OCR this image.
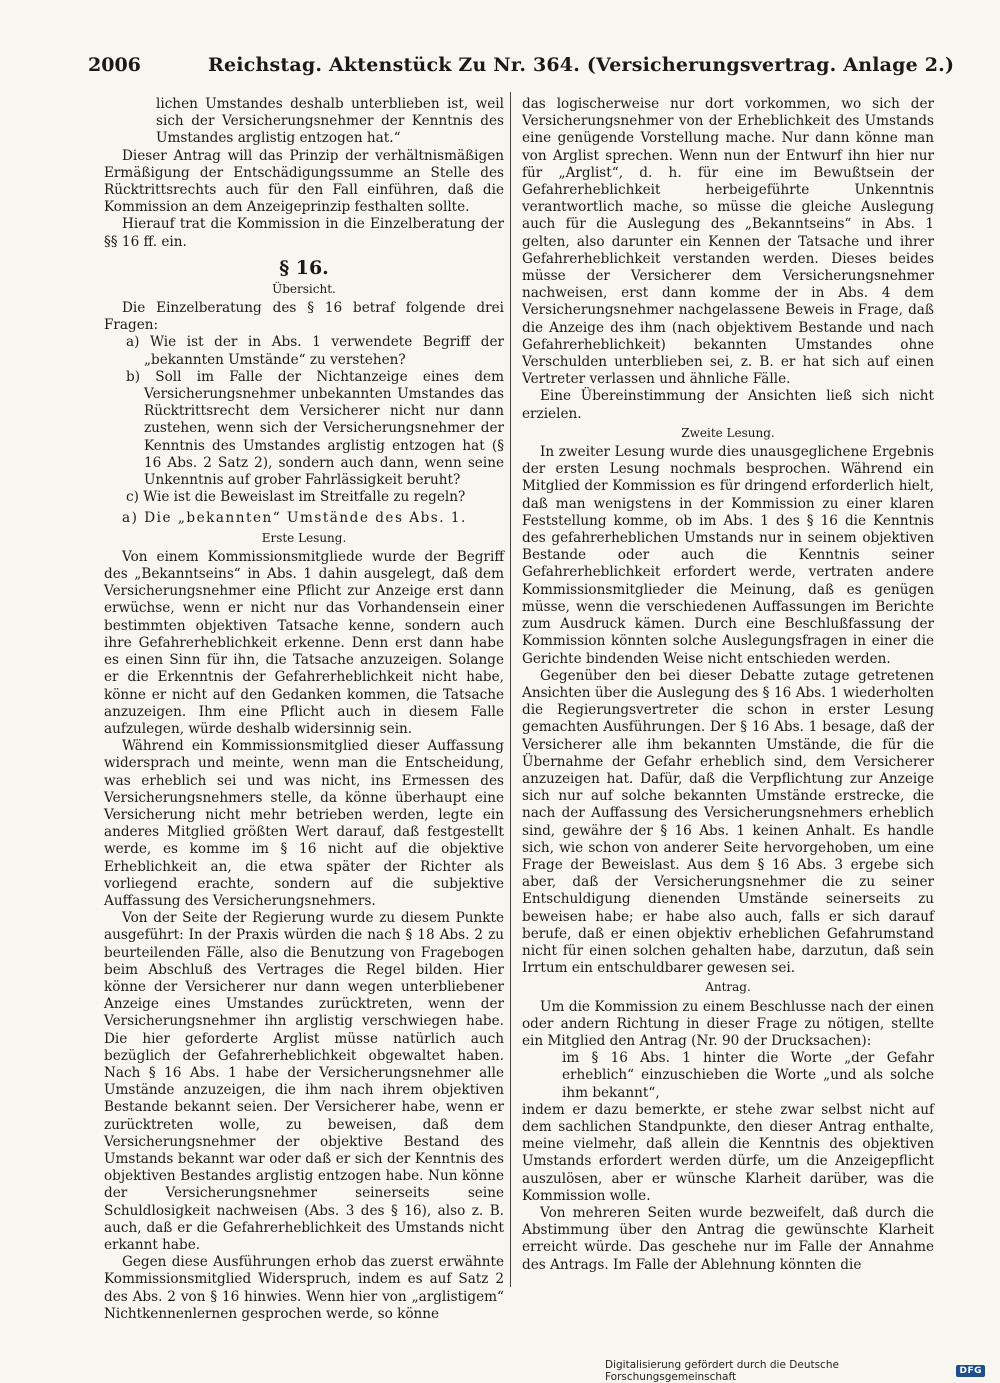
2006	Reichstag. Aktenstück Zu Nr. 364. (Versicherungsvertrag. Anlage 2.)

lichen Umstandes deshalb unterblieben ist, weil sich der Versicherungsnehmer der Kenntnis des Umstandes arglistig entzogen hat.“

Dieser Antrag will das Prinzip der verhältnismäßigen Ermäßigung der Entschädigungssumme an Stelle des Rücktrittsrechts auch für den Fall einführen, daß die Kommission an dem Anzeigeprinzip festhalten sollte.

Hierauf trat die Kommission in die Einzelberatung der §§ 16 ff. ein.

§ 16.
Übersicht.

Die Einzelberatung des § 16 betraf folgende drei Fragen:

a) Wie ist der in Abs. 1 verwendete Begriff der „bekannten Umstände“ zu verstehen?
b) Soll im Falle der Nichtanzeige eines dem Versicherungsnehmer unbekannten Umstandes das Rücktrittsrecht dem Versicherer nicht nur dann zustehen, wenn sich der Versicherungsnehmer der Kenntnis des Umstandes arglistig entzogen hat (§ 16 Abs. 2 Satz 2), sondern auch dann, wenn seine Unkenntnis auf grober Fahrlässigkeit beruht?
c) Wie ist die Beweislast im Streitfalle zu regeln?

a) Die „bekannten“ Umstände des Abs. 1.

Erste Lesung.

Von einem Kommissionsmitgliede wurde der Begriff des „Bekanntseins“ in Abs. 1 dahin ausgelegt, daß dem Versicherungsnehmer eine Pflicht zur Anzeige erst dann erwüchse, wenn er nicht nur das Vorhandensein einer bestimmten objektiven Tatsache kenne, sondern auch ihre Gefahrerheblichkeit erkenne. Denn erst dann habe es einen Sinn für ihn, die Tatsache anzuzeigen. Solange er die Erkenntnis der Gefahrerheblichkeit nicht habe, könne er nicht auf den Gedanken kommen, die Tatsache anzuzeigen. Ihm eine Pflicht auch in diesem Falle aufzulegen, würde deshalb widersinnig sein.

Während ein Kommissionsmitglied dieser Auffassung widersprach und meinte, wenn man die Entscheidung, was erheblich sei und was nicht, ins Ermessen des Versicherungsnehmers stelle, da könne überhaupt eine Versicherung nicht mehr betrieben werden, legte ein anderes Mitglied größten Wert darauf, daß festgestellt werde, es komme im § 16 nicht auf die objektive Erheblichkeit an, die etwa später der Richter als vorliegend erachte, sondern auf die subjektive Auffassung des Versicherungsnehmers.

Von der Seite der Regierung wurde zu diesem Punkte ausgeführt: In der Praxis würden die nach § 18 Abs. 2 zu beurteilenden Fälle, also die Benutzung von Fragebogen beim Abschluß des Vertrages die Regel bilden. Hier könne der Versicherer nur dann wegen unterbliebener Anzeige eines Umstandes zurücktreten, wenn der Versicherungsnehmer ihn arglistig verschwiegen habe. Die hier geforderte Arglist müsse natürlich auch bezüglich der Gefahrerheblichkeit obgewaltet haben. Nach § 16 Abs. 1 habe der Versicherungsnehmer alle Umstände anzuzeigen, die ihm nach ihrem objektiven Bestande bekannt seien. Der Versicherer habe, wenn er zurücktreten wolle, zu beweisen, daß dem Versicherungsnehmer der objektive Bestand des Umstands bekannt war oder daß er sich der Kenntnis des objektiven Bestandes arglistig entzogen habe. Nun könne der Versicherungsnehmer seinerseits seine Schuldlosigkeit nachweisen (Abs. 3 des § 16), also z. B. auch, daß er die Gefahrerheblichkeit des Umstands nicht erkannt habe.

Gegen diese Ausführungen erhob das zuerst erwähnte Kommissionsmitglied Widerspruch, indem es auf Satz 2 des Abs. 2 von § 16 hinwies. Wenn hier von „arglistigem“ Nichtkennenlernen gesprochen werde, so könne

das logischerweise nur dort vorkommen, wo sich der Versicherungsnehmer von der Erheblichkeit des Umstands eine genügende Vorstellung mache. Nur dann könne man von Arglist sprechen. Wenn nun der Entwurf ihn hier nur für „Arglist“, d. h. für eine im Bewußtsein der Gefahrerheblichkeit herbeigeführte Unkenntnis verantwortlich mache, so müsse die gleiche Auslegung auch für die Auslegung des „Bekanntseins“ in Abs. 1 gelten, also darunter ein Kennen der Tatsache und ihrer Gefahrerheblichkeit verstanden werden. Dieses beides müsse der Versicherer dem Versicherungsnehmer nachweisen, erst dann komme der in Abs. 4 dem Versicherungsnehmer nachgelassene Beweis in Frage, daß die Anzeige des ihm (nach objektivem Bestande und nach Gefahrerheblichkeit) bekannten Umstandes ohne Verschulden unterblieben sei, z. B. er hat sich auf einen Vertreter verlassen und ähnliche Fälle.

Eine Übereinstimmung der Ansichten ließ sich nicht erzielen.

Zweite Lesung.

In zweiter Lesung wurde dies unausgeglichene Ergebnis der ersten Lesung nochmals besprochen. Während ein Mitglied der Kommission es für dringend erforderlich hielt, daß man wenigstens in der Kommission zu einer klaren Feststellung komme, ob im Abs. 1 des § 16 die Kenntnis des gefahrerheblichen Umstands nur in seinem objektiven Bestande oder auch die Kenntnis seiner Gefahrerheblichkeit erfordert werde, vertraten andere Kommissionsmitglieder die Meinung, daß es genügen müsse, wenn die verschiedenen Auffassungen im Berichte zum Ausdruck kämen. Durch eine Beschlußfassung der Kommission könnten solche Auslegungsfragen in einer die Gerichte bindenden Weise nicht entschieden werden.

Gegenüber den bei dieser Debatte zutage getretenen Ansichten über die Auslegung des § 16 Abs. 1 wiederholten die Regierungsvertreter die schon in erster Lesung gemachten Ausführungen. Der § 16 Abs. 1 besage, daß der Versicherer alle ihm bekannten Umstände, die für die Übernahme der Gefahr erheblich sind, dem Versicherer anzuzeigen hat. Dafür, daß die Verpflichtung zur Anzeige sich nur auf solche bekannten Umstände erstrecke, die nach der Auffassung des Versicherungsnehmers erheblich sind, gewähre der § 16 Abs. 1 keinen Anhalt. Es handle sich, wie schon von anderer Seite hervorgehoben, um eine Frage der Beweislast. Aus dem § 16 Abs. 3 ergebe sich aber, daß der Versicherungsnehmer die zu seiner Entschuldigung dienenden Umstände seinerseits zu beweisen habe; er habe also auch, falls er sich darauf berufe, daß er einen objektiv erheblichen Gefahrumstand nicht für einen solchen gehalten habe, darzutun, daß sein Irrtum ein entschuldbarer gewesen sei.

Antrag.

Um die Kommission zu einem Beschlusse nach der einen oder andern Richtung in dieser Frage zu nötigen, stellte ein Mitglied den Antrag (Nr. 90 der Drucksachen):

im § 16 Abs. 1 hinter die Worte „der Gefahr erheblich“ einzuschieben die Worte „und als solche ihm bekannt“,

indem er dazu bemerkte, er stehe zwar selbst nicht auf dem sachlichen Standpunkte, den dieser Antrag enthalte, meine vielmehr, daß allein die Kenntnis des objektiven Umstands erfordert werden dürfe, um die Anzeigepflicht auszulösen, aber er wünsche Klarheit darüber, was die Kommission wolle.

Von mehreren Seiten wurde bezweifelt, daß durch die Abstimmung über den Antrag die gewünschte Klarheit erreicht würde. Das geschehe nur im Falle der Annahme des Antrags. Im Falle der Ablehnung könnten die

Digitalisierung gefördert durch die Deutsche Forschungsgemeinschaft	DFG
